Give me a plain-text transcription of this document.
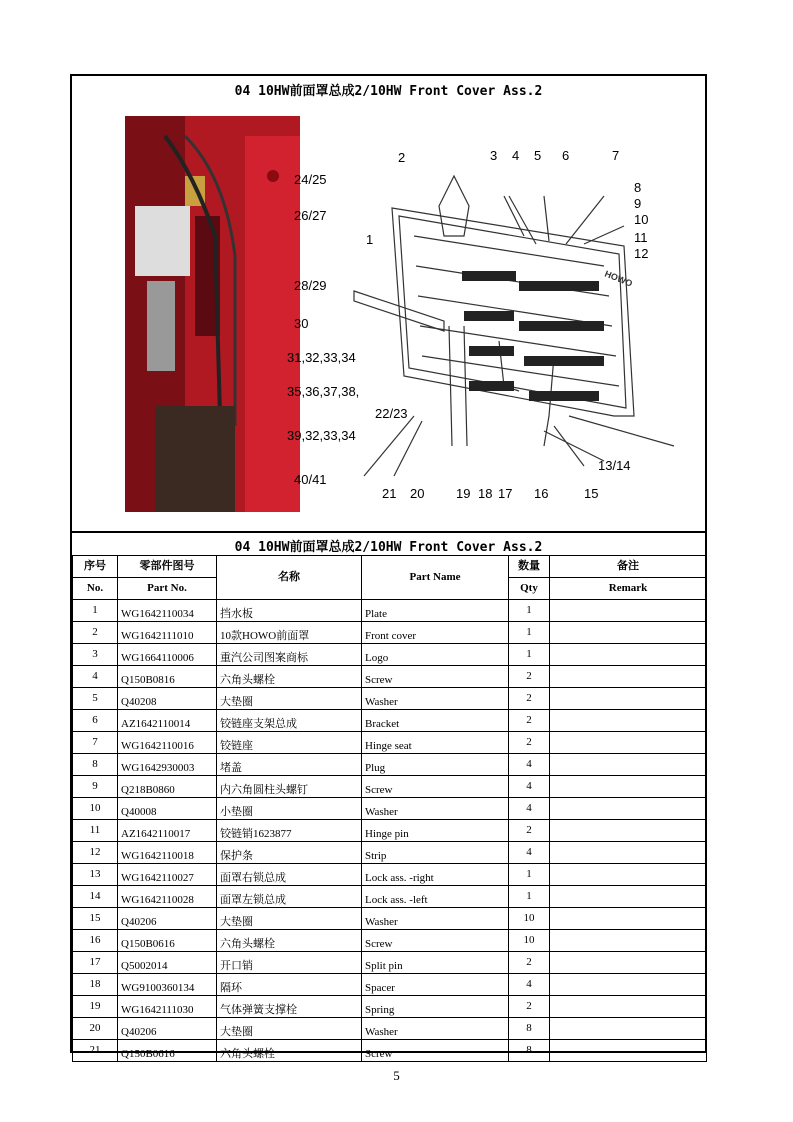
04 10HW前面罩总成2/10HW Front Cover Ass.2
24/25
26/27
28/29
30
31,32,33,34
35,36,37,38,
39,32,33,34
40/41
HOWO
2	3 4 5 6	7
8
9
10
11
12
1
22/23
13/14
21 20 19 18 17 16	15
04 10HW前面罩总成2/10HW Front Cover Ass.2
序号	零部件图号	名称	Part Name	数量	备注
No.	Part No.			Qty	Remark
1	WG1642110034	挡水板	Plate	1	
2	WG1642111010	10款HOWO前面罩	Front cover	1	
3	WG1664110006	重汽公司图案商标	Logo	1	
4	Q150B0816	六角头螺栓	Screw	2	
5	Q40208	大垫圈	Washer	2	
6	AZ1642110014	铰链座支架总成	Bracket	2	
7	WG1642110016	铰链座	Hinge seat	2	
8	WG1642930003	堵盖	Plug	4	
9	Q218B0860	内六角圆柱头螺钉	Screw	4	
10	Q40008	小垫圈	Washer	4	
11	AZ1642110017	铰链销1623877	Hinge pin	2	
12	WG1642110018	保护条	Strip	4	
13	WG1642110027	面罩右锁总成	Lock ass. -right	1	
14	WG1642110028	面罩左锁总成	Lock ass. -left	1	
15	Q40206	大垫圈	Washer	10	
16	Q150B0616	六角头螺栓	Screw	10	
17	Q5002014	开口销	Split pin	2	
18	WG9100360134	隔环	Spacer	4	
19	WG1642111030	气体弹簧支撑栓	Spring	2	
20	Q40206	大垫圈	Washer	8	
21	Q150B0616	六角头螺栓	Screw	8	
5
